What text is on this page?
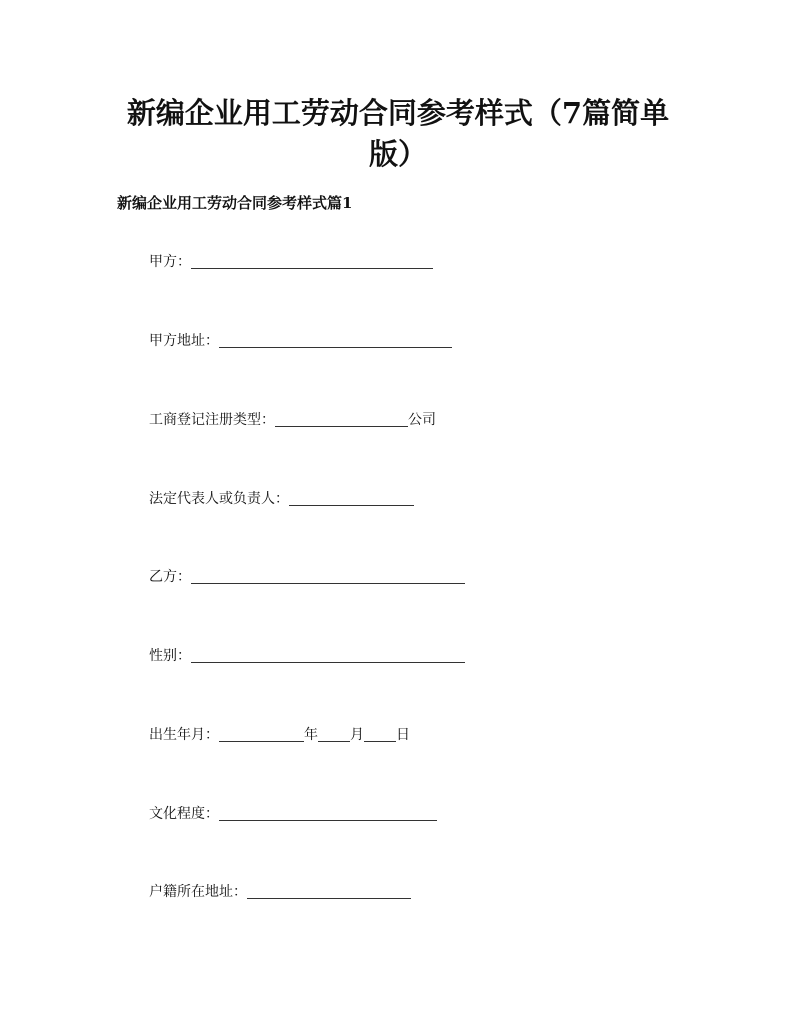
新编企业用工劳动合同参考样式（7篇简单
版）
新编企业用工劳动合同参考样式篇1
甲方：
甲方地址：
工商登记注册类型：	公司
法定代表人或负责人：
乙方：
性别：
出生年月：	年 月 日
文化程度：
户籍所在地址：
